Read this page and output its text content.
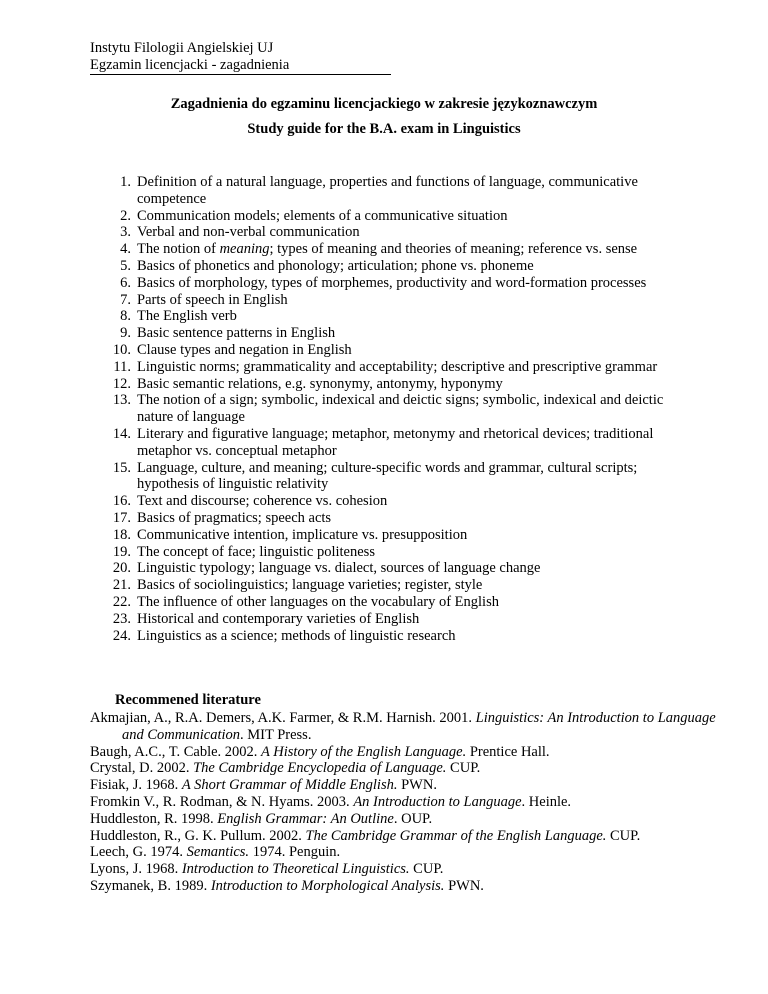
Instytu Filologii Angielskiej UJ
Egzamin licencjacki - zagadnienia
Zagadnienia do egzaminu licencjackiego w zakresie językoznawczym
Study guide for the B.A. exam in Linguistics
1. Definition of a natural language, properties and functions of language, communicative competence
2. Communication models; elements of a communicative situation
3. Verbal and non-verbal communication
4. The notion of meaning; types of meaning and theories of meaning; reference vs. sense
5. Basics of phonetics and phonology; articulation; phone vs. phoneme
6. Basics of morphology, types of morphemes, productivity and word-formation processes
7. Parts of speech in English
8. The English verb
9. Basic sentence patterns in English
10. Clause types and negation in English
11. Linguistic norms; grammaticality and acceptability; descriptive and prescriptive grammar
12. Basic semantic relations, e.g. synonymy, antonymy, hyponymy
13. The notion of a sign; symbolic, indexical and deictic signs; symbolic, indexical and deictic nature of language
14. Literary and figurative language; metaphor, metonymy and rhetorical devices; traditional metaphor vs. conceptual metaphor
15. Language, culture, and meaning; culture-specific words and grammar, cultural scripts; hypothesis of linguistic relativity
16. Text and discourse; coherence vs. cohesion
17. Basics of pragmatics; speech acts
18. Communicative intention, implicature vs. presupposition
19. The concept of face; linguistic politeness
20. Linguistic typology; language vs. dialect, sources of language change
21. Basics of sociolinguistics; language varieties; register, style
22. The influence of other languages on the vocabulary of English
23. Historical and contemporary varieties of English
24. Linguistics as a science; methods of linguistic research
Recommened literature
Akmajian, A., R.A. Demers, A.K. Farmer, & R.M. Harnish. 2001. Linguistics: An Introduction to Language and Communication. MIT Press.
Baugh, A.C., T. Cable. 2002. A History of the English Language. Prentice Hall.
Crystal, D. 2002. The Cambridge Encyclopedia of Language. CUP.
Fisiak, J. 1968. A Short Grammar of Middle English. PWN.
Fromkin V., R. Rodman, & N. Hyams. 2003. An Introduction to Language. Heinle.
Huddleston, R. 1998. English Grammar: An Outline. OUP.
Huddleston, R., G. K. Pullum. 2002. The Cambridge Grammar of the English Language. CUP.
Leech, G. 1974. Semantics. 1974. Penguin.
Lyons, J. 1968. Introduction to Theoretical Linguistics. CUP.
Szymanek, B. 1989. Introduction to Morphological Analysis. PWN.
